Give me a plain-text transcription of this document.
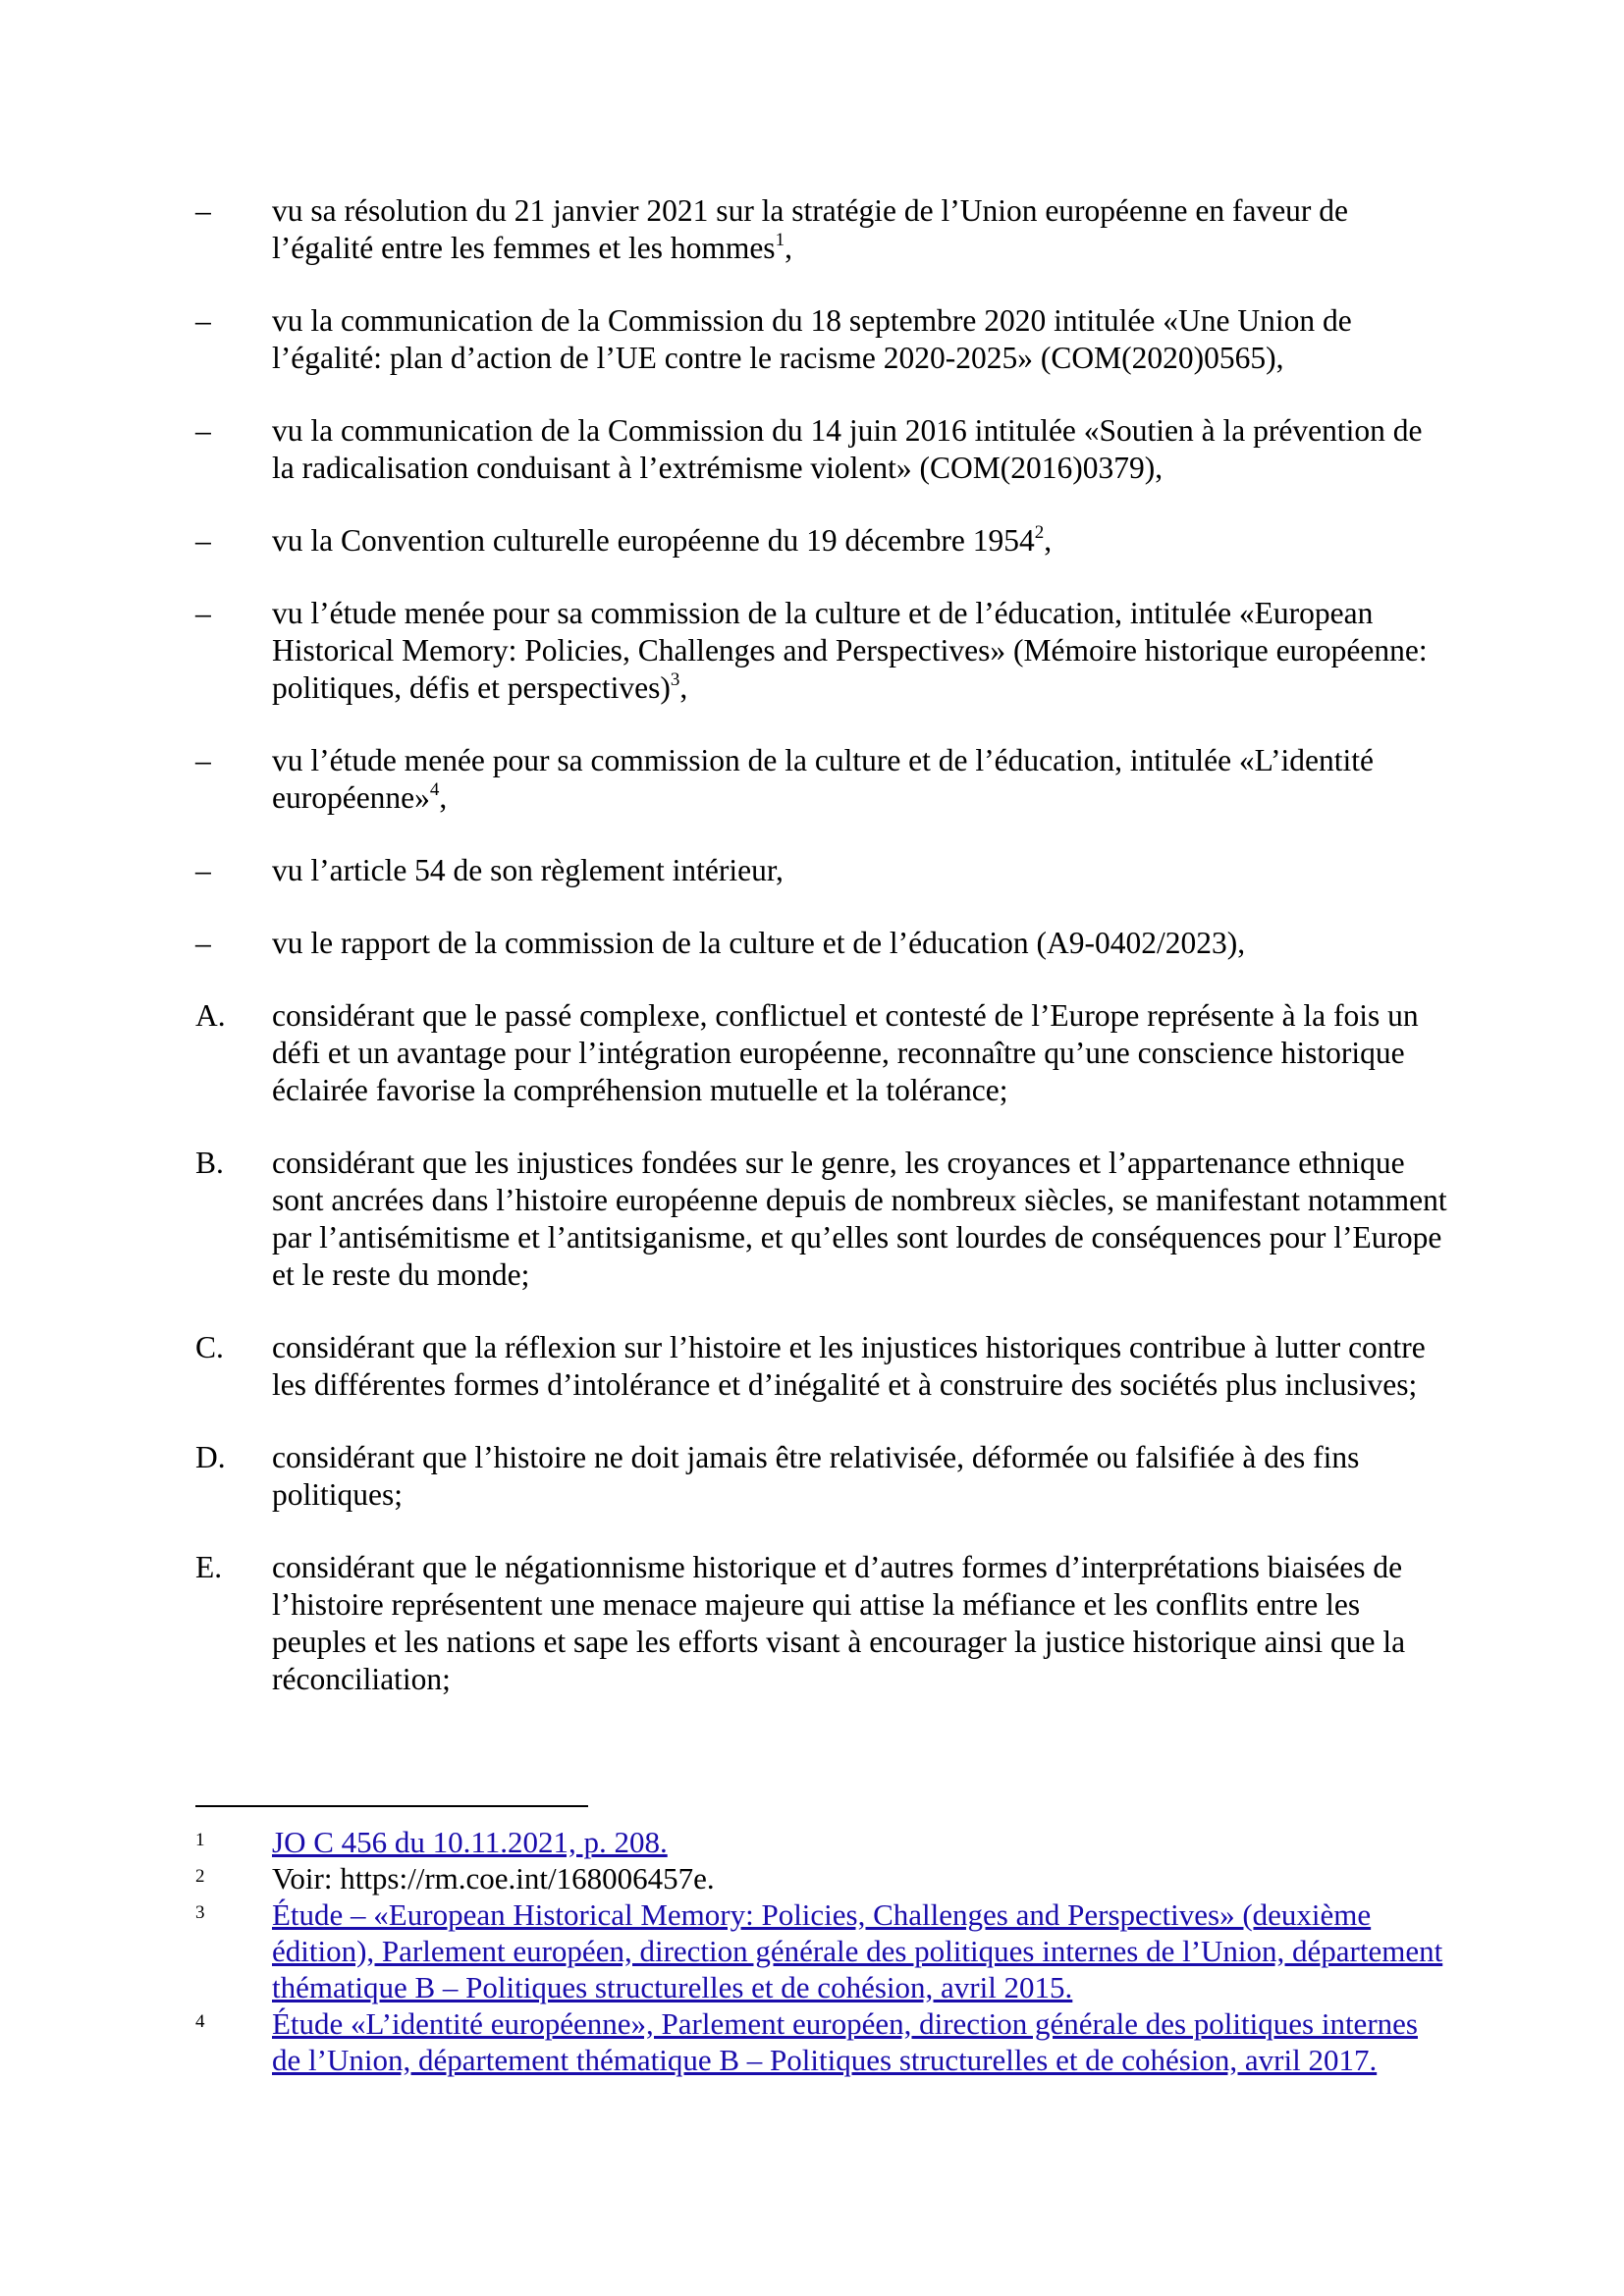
–	vu sa résolution du 21 janvier 2021 sur la stratégie de l’Union européenne en faveur de l’égalité entre les femmes et les hommes$^1$,
–	vu la communication de la Commission du 18 septembre 2020 intitulée «Une Union de l’égalité: plan d’action de l’UE contre le racisme 2020‑2025» (COM(2020)0565),
–	vu la communication de la Commission du 14 juin 2016 intitulée «Soutien à la prévention de la radicalisation conduisant à l’extrémisme violent» (COM(2016)0379),
–	vu la Convention culturelle européenne du 19 décembre 1954$^2$,
–	vu l’étude menée pour sa commission de la culture et de l’éducation, intitulée «European Historical Memory: Policies, Challenges and Perspectives» (Mémoire historique européenne: politiques, défis et perspectives)$^3$,
–	vu l’étude menée pour sa commission de la culture et de l’éducation, intitulée «L’identité européenne»$^4$,
–	vu l’article 54 de son règlement intérieur,
–	vu le rapport de la commission de la culture et de l’éducation (A9-0402/2023),
A.	considérant que le passé complexe, conflictuel et contesté de l’Europe représente à la fois un défi et un avantage pour l’intégration européenne, reconnaître qu’une conscience historique éclairée favorise la compréhension mutuelle et la tolérance;
B.	considérant que les injustices fondées sur le genre, les croyances et l’appartenance ethnique sont ancrées dans l’histoire européenne depuis de nombreux siècles, se manifestant notamment par l’antisémitisme et l’antitsiganisme, et qu’elles sont lourdes de conséquences pour l’Europe et le reste du monde;
C.	considérant que la réflexion sur l’histoire et les injustices historiques contribue à lutter contre les différentes formes d’intolérance et d’inégalité et à construire des sociétés plus inclusives;
D.	considérant que l’histoire ne doit jamais être relativisée, déformée ou falsifiée à des fins politiques;
E.	considérant que le négationnisme historique et d’autres formes d’interprétations biaisées de l’histoire représentent une menace majeure qui attise la méfiance et les conflits entre les peuples et les nations et sape les efforts visant à encourager la justice historique ainsi que la réconciliation;
1 JO C 456 du 10.11.2021, p. 208.
2 Voir: https://rm.coe.int/168006457e.
3 Étude – «European Historical Memory: Policies, Challenges and Perspectives» (deuxième édition), Parlement européen, direction générale des politiques internes de l’Union, département thématique B – Politiques structurelles et de cohésion, avril 2015.
4 Étude «L’identité européenne», Parlement européen, direction générale des politiques internes de l’Union, département thématique B – Politiques structurelles et de cohésion, avril 2017.
